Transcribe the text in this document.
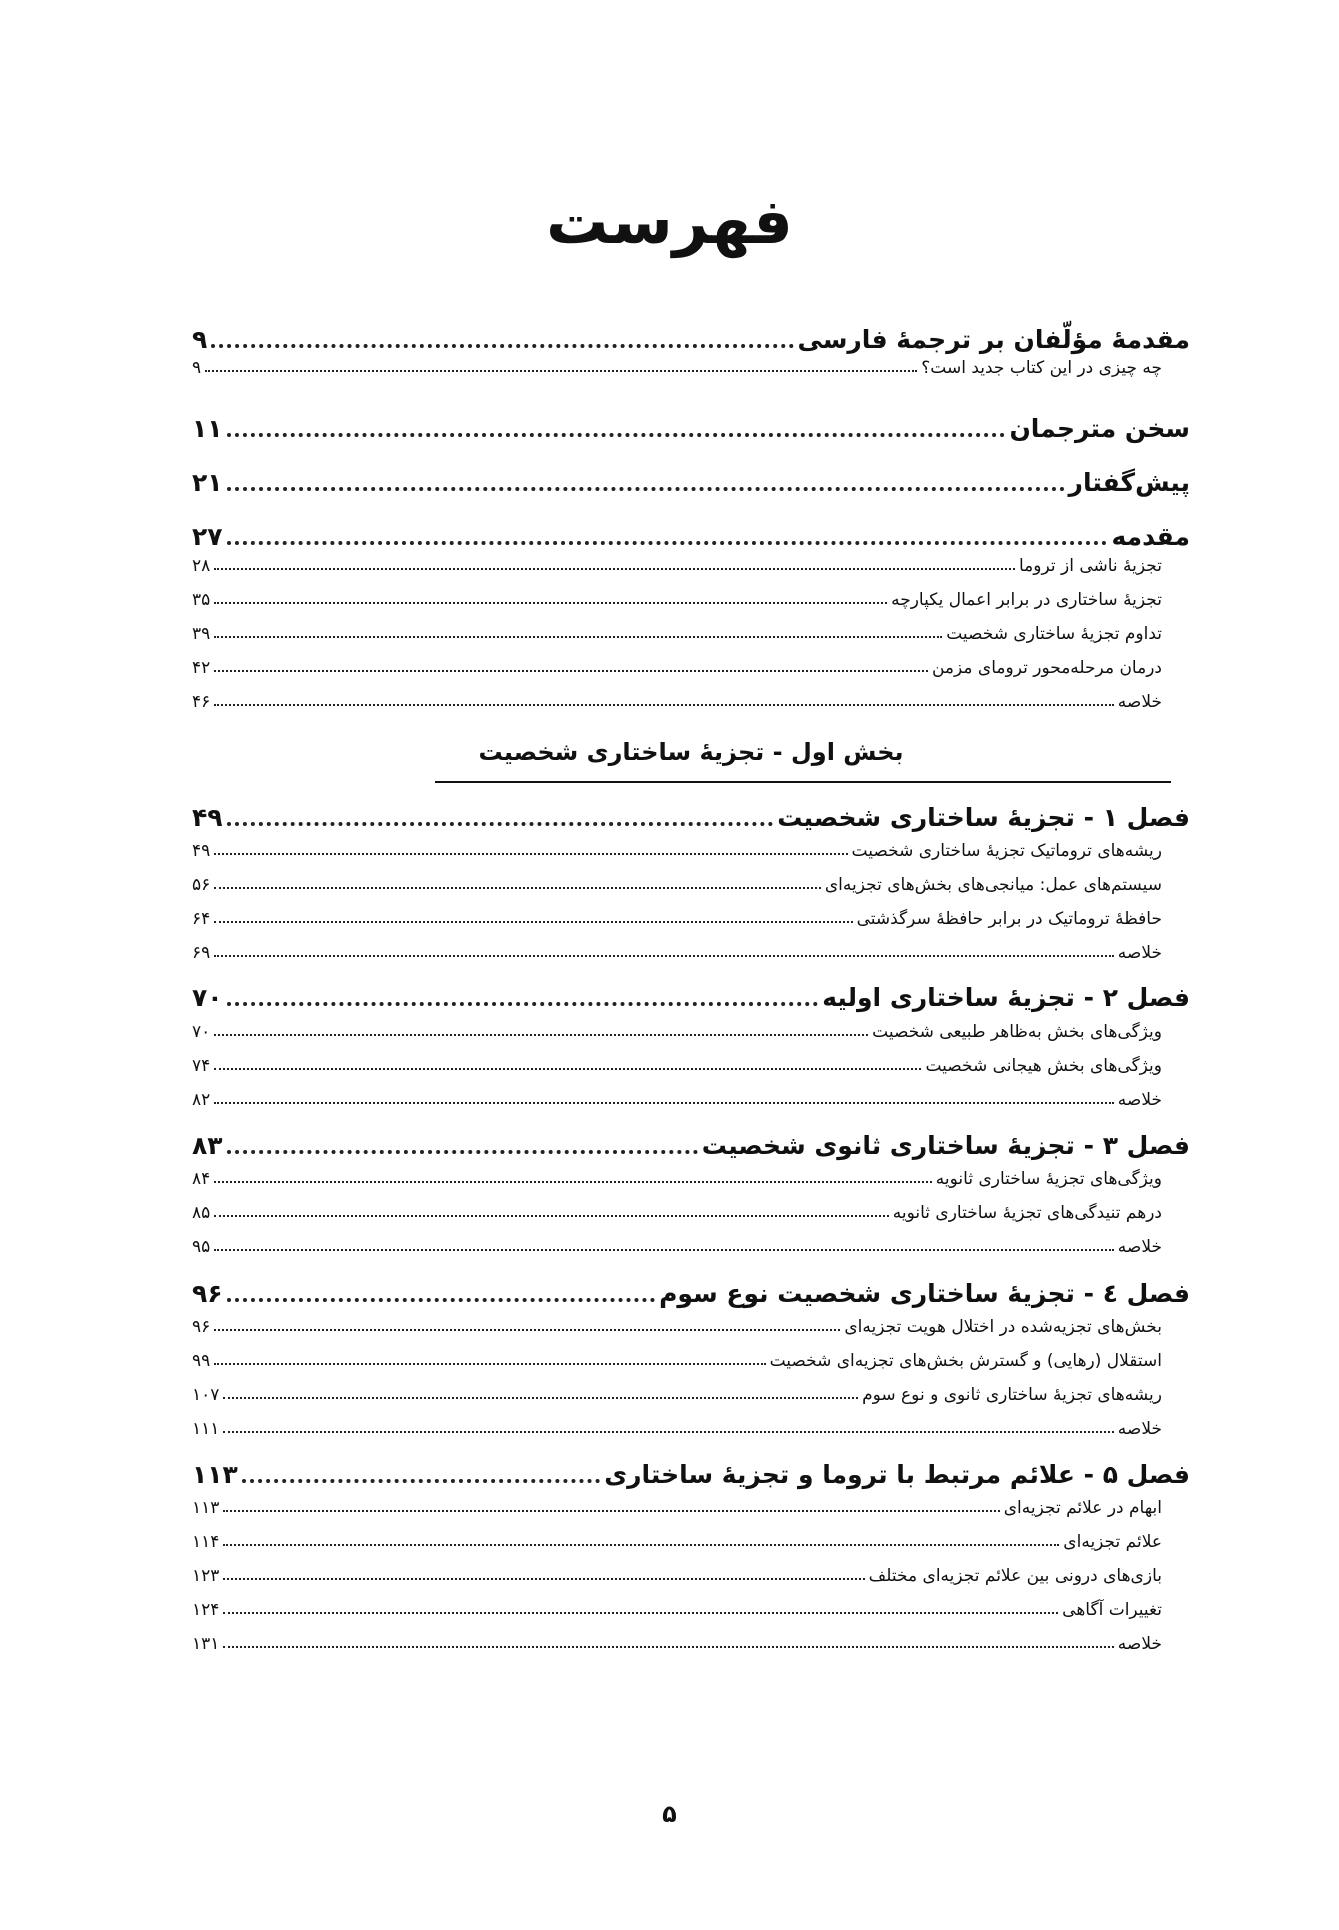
فهرست
مقدمهٔ مؤلّفان بر ترجمهٔ فارسی
۹
چه چیزی در این کتاب جدید است؟
۹
سخن مترجمان
۱۱
پیش‌گفتار
۲۱
مقدمه
۲۷
تجزیهٔ ناشی از تروما
۲۸
تجزیهٔ ساختاری در برابر اعمال یکپارچه
۳۵
تداوم تجزیهٔ ساختاری شخصیت
۳۹
درمان مرحله‌محور ترومای مزمن
۴۲
خلاصه
۴۶
بخش اول - تجزیهٔ ساختاری شخصیت
فصل ۱ - تجزیهٔ ساختاری شخصیت
۴۹
ریشه‌های تروماتیک تجزیهٔ ساختاری شخصیت
۴۹
سیستم‌های عمل: میانجی‌های بخش‌های تجزیه‌ای
۵۶
حافظهٔ تروماتیک در برابر حافظهٔ سرگذشتی
۶۴
خلاصه
۶۹
فصل ۲ - تجزیهٔ ساختاری اولیه
۷۰
ویژگی‌های بخش به‌ظاهر طبیعی شخصیت
۷۰
ویژگی‌های بخش هیجانی شخصیت
۷۴
خلاصه
۸۲
فصل ۳ - تجزیهٔ ساختاری ثانوی شخصیت
۸۳
ویژگی‌های تجزیهٔ ساختاری ثانویه
۸۴
درهم تنیدگی‌های تجزیهٔ ساختاری ثانویه
۸۵
خلاصه
۹۵
فصل ٤ - تجزیهٔ ساختاری شخصیت نوع سوم
۹۶
بخش‌های تجزیه‌شده در اختلال هویت تجزیه‌ای
۹۶
استقلال (رهایی) و گسترش بخش‌های تجزیه‌ای شخصیت
۹۹
ریشه‌های تجزیهٔ ساختاری ثانوی و نوع سوم
۱۰۷
خلاصه
۱۱۱
فصل ۵ - علائم مرتبط با تروما و تجزیهٔ ساختاری
۱۱۳
ابهام در علائم تجزیه‌ای
۱۱۳
علائم تجزیه‌ای
۱۱۴
بازی‌های درونی بین علائم تجزیه‌ای مختلف
۱۲۳
تغییرات آگاهی
۱۲۴
خلاصه
۱۳۱
۵
